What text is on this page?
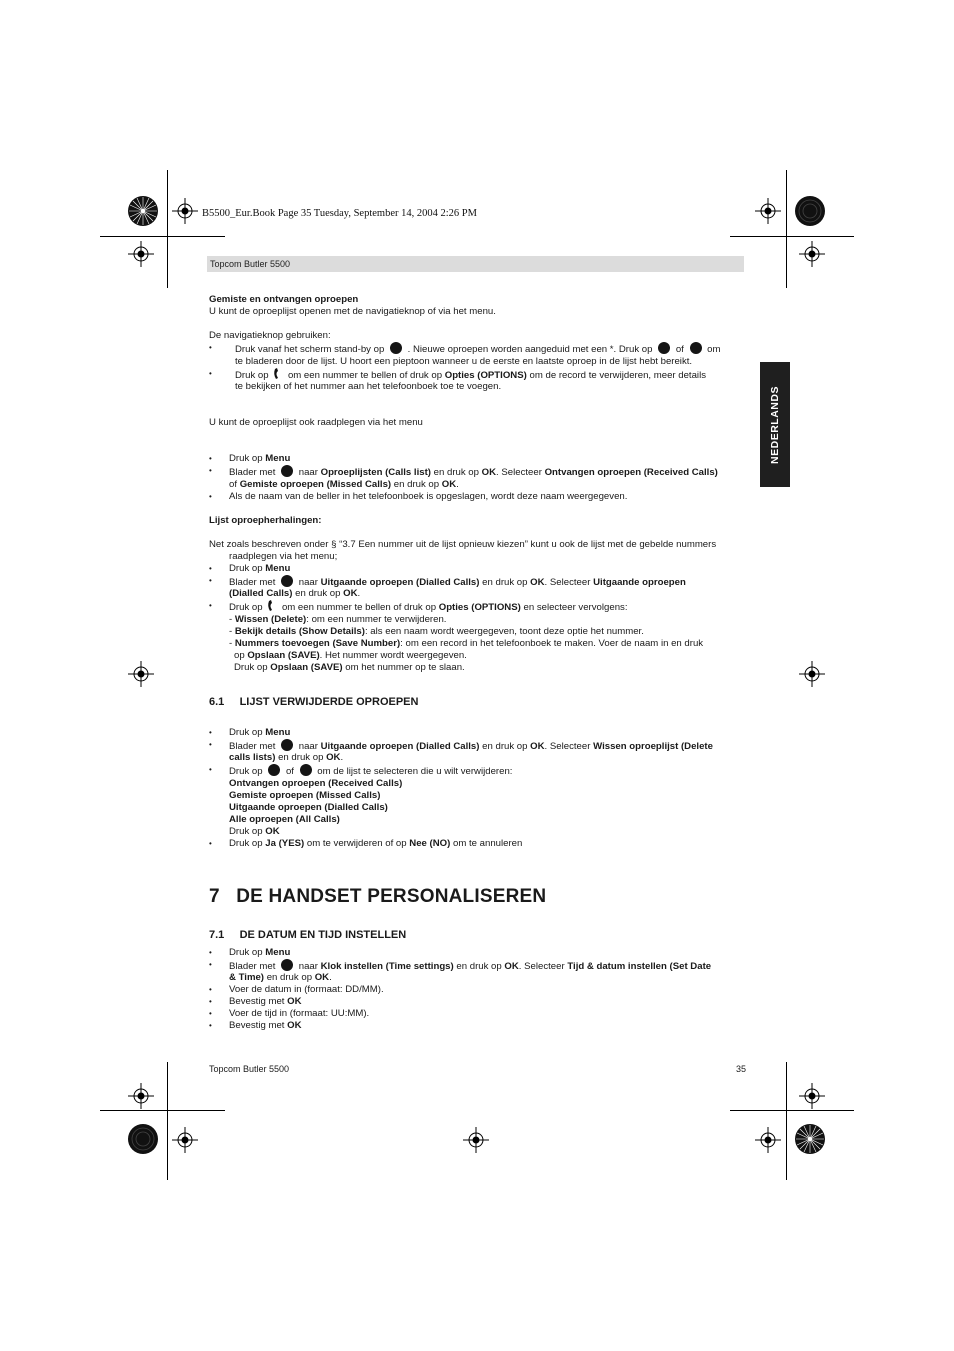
B5500_Eur.Book Page 35 Tuesday, September 14, 2004 2:26 PM
Topcom Butler 5500
NEDERLANDS

Gemiste en ontvangen oproepen

U kunt de oproeplijst openen met de navigatieknop of via het menu.

De navigatieknop gebruiken:

• Druk vanaf het scherm stand-by op . Nieuwe oproepen worden aangeduid met een *. Druk op of om
te bladeren door de lijst. U hoort een pieptoon wanneer u de eerste en laatste oproep in de lijst hebt bereikt.
• Druk op om een nummer te bellen of druk op Opties (OPTIONS) om de record te verwijderen, meer details
te bekijken of het nummer aan het telefoonboek toe te voegen.

U kunt de oproeplijst ook raadplegen via het menu

• Druk op Menu
• Blader met naar Oproeplijsten (Calls list) en druk op OK. Selecteer Ontvangen oproepen (Received Calls)
of Gemiste oproepen (Missed Calls) en druk op OK.
• Als de naam van de beller in het telefoonboek is opgeslagen, wordt deze naam weergegeven.

Lijst oproepherhalingen:

Net zoals beschreven onder § “3.7 Een nummer uit de lijst opnieuw kiezen” kunt u ook de lijst met de gebelde nummers

raadplegen via het menu;

• Druk op Menu
• Blader met naar Uitgaande oproepen (Dialled Calls) en druk op OK. Selecteer Uitgaande oproepen
(Dialled Calls) en druk op OK.
• Druk op om een nummer te bellen of druk op Opties (OPTIONS) en selecteer vervolgens:

- Wissen (Delete): om een nummer te verwijderen.

- Bekijk details (Show Details): als een naam wordt weergegeven, toont deze optie het nummer.

- Nummers toevoegen (Save Number): om een record in het telefoonboek te maken. Voer de naam in en druk

op Opslaan (SAVE). Het nummer wordt weergegeven.

Druk op Opslaan (SAVE) om het nummer op te slaan.

6.1     LIJST VERWIJDERDE OPROEPEN

• Druk op Menu
• Blader met naar Uitgaande oproepen (Dialled Calls) en druk op OK. Selecteer Wissen oproeplijst (Delete
calls lists) en druk op OK.
• Druk op of om de lijst te selecteren die u wilt verwijderen:
Ontvangen oproepen (Received Calls)
Gemiste oproepen (Missed Calls)
Uitgaande oproepen (Dialled Calls)
Alle oproepen (All Calls)
Druk op OK
• Druk op Ja (YES) om te verwijderen of op Nee (NO) om te annuleren

7   DE HANDSET PERSONALISEREN

7.1     DE DATUM EN TIJD INSTELLEN

• Druk op Menu
• Blader met naar Klok instellen (Time settings) en druk op OK. Selecteer Tijd & datum instellen (Set Date
& Time) en druk op OK.
• Voer de datum in (formaat: DD/MM).
• Bevestig met OK
• Voer de tijd in (formaat: UU:MM).
• Bevestig met OK
Topcom Butler 5500	35
